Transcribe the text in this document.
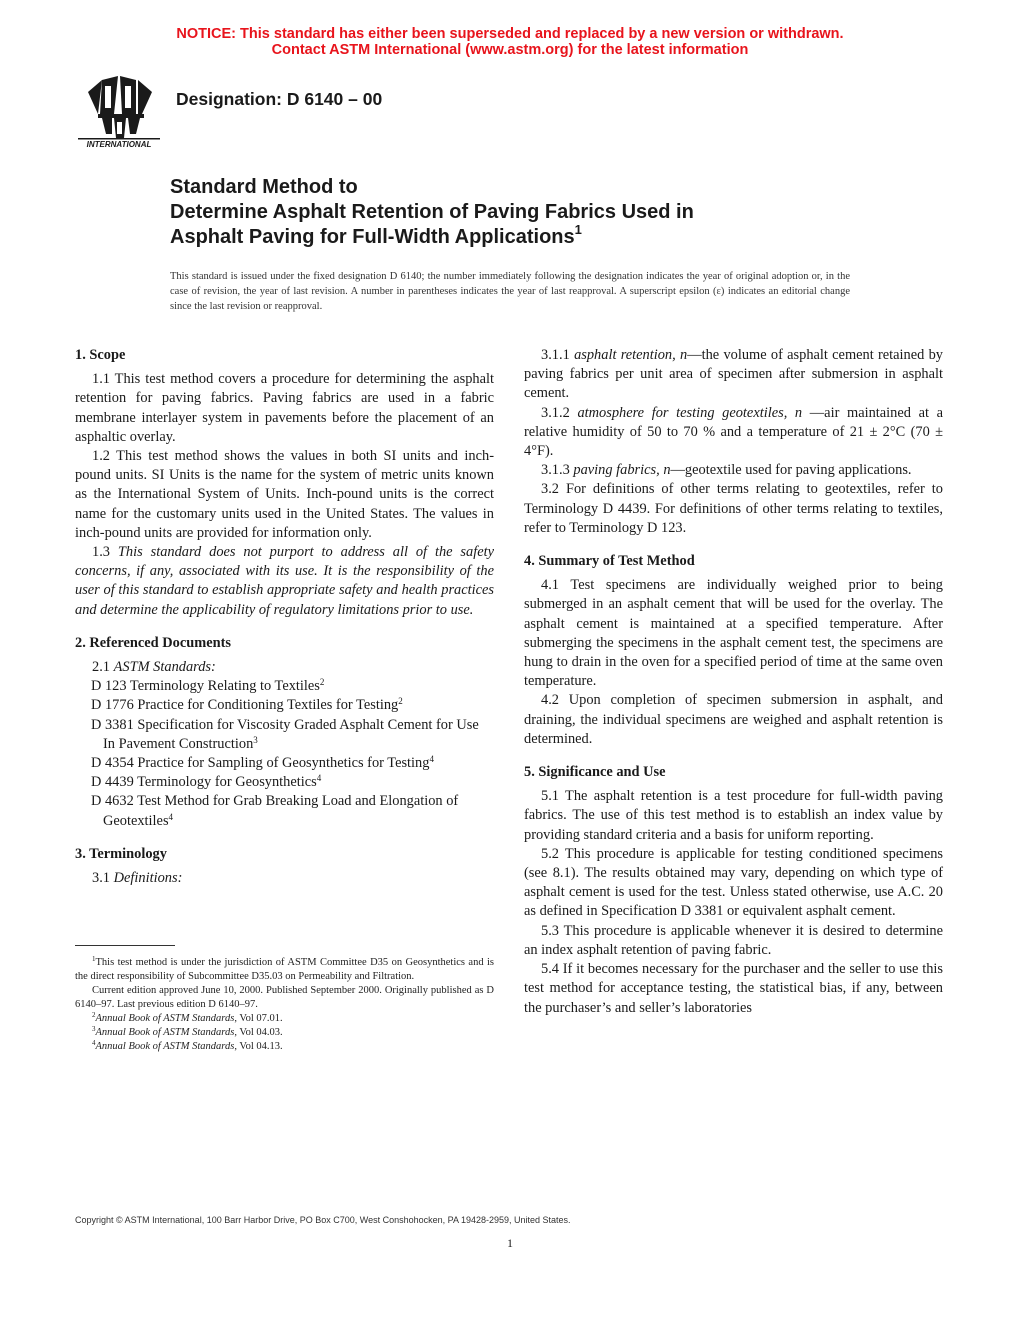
NOTICE: This standard has either been superseded and replaced by a new version or withdrawn.
Contact ASTM International (www.astm.org) for the latest information
INTERNATIONAL
Designation: D 6140 – 00
Standard Method to
Determine Asphalt Retention of Paving Fabrics Used in
Asphalt Paving for Full-Width Applications$^1$
This standard is issued under the fixed designation D 6140; the number immediately following the designation indicates the year of original adoption or, in the case of revision, the year of last revision. A number in parentheses indicates the year of last reapproval. A superscript epsilon (ε) indicates an editorial change since the last revision or reapproval.
1. Scope

1.1 This test method covers a procedure for determining the asphalt retention for paving fabrics. Paving fabrics are used in a fabric membrane interlayer system in pavements before the placement of an asphaltic overlay.

1.2 This test method shows the values in both SI units and inch-pound units. SI Units is the name for the system of metric units known as the International System of Units. Inch-pound units is the correct name for the customary units used in the United States. The values in inch-pound units are provided for information only.

1.3 This standard does not purport to address all of the safety concerns, if any, associated with its use. It is the responsibility of the user of this standard to establish appropriate safety and health practices and determine the applicability of regulatory limitations prior to use.

2. Referenced Documents

2.1 ASTM Standards:

D 123 Terminology Relating to Textiles$^2$

D 1776 Practice for Conditioning Textiles for Testing$^2$

D 3381 Specification for Viscosity Graded Asphalt Cement for Use In Pavement Construction$^3$

D 4354 Practice for Sampling of Geosynthetics for Testing$^4$

D 4439 Terminology for Geosynthetics$^4$

D 4632 Test Method for Grab Breaking Load and Elongation of Geotextiles$^4$

3. Terminology

3.1 Definitions:

$^1$This test method is under the jurisdiction of ASTM Committee D35 on Geosynthetics and is the direct responsibility of Subcommittee D35.03 on Permeability and Filtration.

Current edition approved June 10, 2000. Published September 2000. Originally published as D 6140–97. Last previous edition D 6140–97.

$^2$Annual Book of ASTM Standards, Vol 07.01.

$^3$Annual Book of ASTM Standards, Vol 04.03.

$^4$Annual Book of ASTM Standards, Vol 04.13.

3.1.1 asphalt retention, n—the volume of asphalt cement retained by paving fabrics per unit area of specimen after submersion in asphalt cement.

3.1.2 atmosphere for testing geotextiles, n —air maintained at a relative humidity of 50 to 70 % and a temperature of 21 ± 2°C (70 ± 4°F).

3.1.3 paving fabrics, n—geotextile used for paving applications.

3.2 For definitions of other terms relating to geotextiles, refer to Terminology D 4439. For definitions of other terms relating to textiles, refer to Terminology D 123.

4. Summary of Test Method

4.1 Test specimens are individually weighed prior to being submerged in an asphalt cement that will be used for the overlay. The asphalt cement is maintained at a specified temperature. After submerging the specimens in the asphalt cement test, the specimens are hung to drain in the oven for a specified period of time at the same oven temperature.

4.2 Upon completion of specimen submersion in asphalt, and draining, the individual specimens are weighed and asphalt retention is determined.

5. Significance and Use

5.1 The asphalt retention is a test procedure for full-width paving fabrics. The use of this test method is to establish an index value by providing standard criteria and a basis for uniform reporting.

5.2 This procedure is applicable for testing conditioned specimens (see 8.1). The results obtained may vary, depending on which type of asphalt cement is used for the test. Unless stated otherwise, use A.C. 20 as defined in Specification D 3381 or equivalent asphalt cement.

5.3 This procedure is applicable whenever it is desired to determine an index asphalt retention of paving fabric.

5.4 If it becomes necessary for the purchaser and the seller to use this test method for acceptance testing, the statistical bias, if any, between the purchaser’s and seller’s laboratories

Copyright © ASTM International, 100 Barr Harbor Drive, PO Box C700, West Conshohocken, PA 19428-2959, United States.
1
